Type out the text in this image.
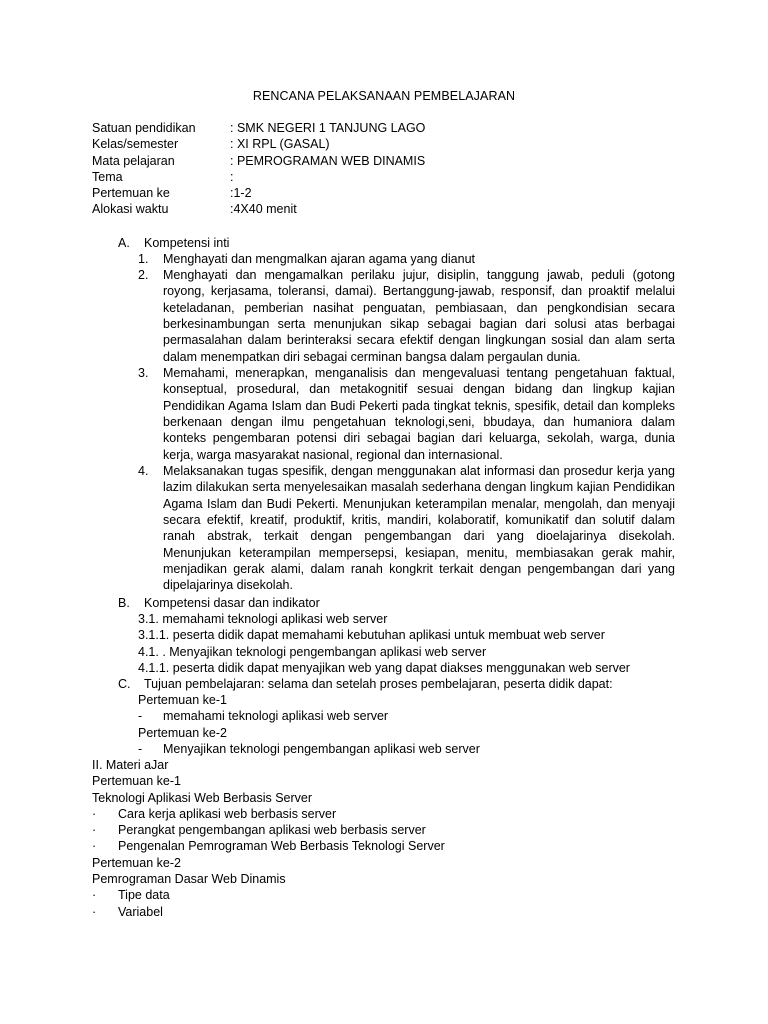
RENCANA PELAKSANAAN PEMBELAJARAN
Satuan pendidikan	: SMK NEGERI 1 TANJUNG LAGO
Kelas/semester	: XI RPL (GASAL)
Mata pelajaran	: PEMROGRAMAN WEB DINAMIS
Tema	:
Pertemuan ke	:1-2
Alokasi waktu	:4X40 menit
A.	Kompetensi inti
1.	Menghayati dan mengmalkan ajaran agama yang dianut
2.	Menghayati dan mengamalkan perilaku jujur, disiplin, tanggung jawab, peduli (gotong royong, kerjasama, toleransi, damai). Bertanggung-jawab, responsif, dan proaktif melalui keteladanan, pemberian nasihat penguatan, pembiasaan, dan pengkondisian secara berkesinambungan serta menunjukan sikap sebagai bagian dari solusi atas berbagai permasalahan dalam berinteraksi secara efektif dengan lingkungan sosial dan alam serta dalam menempatkan diri sebagai cerminan bangsa dalam pergaulan dunia.
3.	Memahami, menerapkan, menganalisis dan mengevaluasi tentang pengetahuan faktual, konseptual, prosedural, dan metakognitif sesuai dengan bidang dan lingkup kajian Pendidikan Agama Islam dan Budi Pekerti pada tingkat teknis, spesifik, detail dan kompleks berkenaan dengan ilmu pengetahuan teknologi,seni, bbudaya, dan humaniora dalam konteks pengembaran potensi diri sebagai bagian dari keluarga, sekolah, warga, dunia kerja, warga masyarakat nasional, regional dan internasional.
4.	Melaksanakan tugas spesifik, dengan menggunakan alat informasi dan prosedur kerja yang lazim dilakukan serta menyelesaikan masalah sederhana dengan lingkum kajian Pendidikan Agama Islam dan Budi Pekerti. Menunjukan keterampilan menalar, mengolah, dan menyaji secara efektif, kreatif, produktif, kritis, mandiri, kolaboratif, komunikatif dan solutif dalam ranah abstrak, terkait dengan pengembangan dari yang dioelajarinya disekolah. Menunjukan keterampilan mempersepsi, kesiapan, menitu, membiasakan gerak mahir, menjadikan gerak alami, dalam ranah kongkrit terkait dengan pengembangan dari yang dipelajarinya disekolah.
B.	Kompetensi dasar dan indikator
3.1. memahami teknologi aplikasi web server
3.1.1. peserta didik dapat memahami kebutuhan aplikasi untuk membuat web server
4.1. . Menyajikan teknologi pengembangan aplikasi web server
4.1.1. peserta didik dapat menyajikan web yang dapat diakses menggunakan web server
C.	Tujuan pembelajaran: selama dan setelah proses pembelajaran, peserta didik dapat:
Pertemuan ke-1
-	memahami teknologi aplikasi web server
Pertemuan ke-2
-	Menyajikan teknologi pengembangan aplikasi web server
II. Materi aJar
Pertemuan ke-1
Teknologi Aplikasi Web Berbasis Server
·	Cara kerja aplikasi web berbasis server
·	Perangkat pengembangan aplikasi web berbasis server
·	Pengenalan Pemrograman Web Berbasis Teknologi Server
Pertemuan ke-2
Pemrograman Dasar Web Dinamis
·	Tipe data
·	Variabel
